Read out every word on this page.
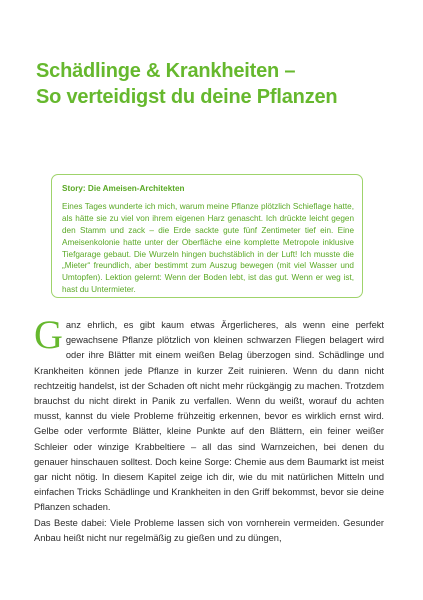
Schädlinge & Krankheiten –
So verteidigst du deine Pflanzen
Story: Die Ameisen-Architekten
Eines Tages wunderte ich mich, warum meine Pflanze plötzlich Schieflage hatte, als hätte sie zu viel von ihrem eigenen Harz genascht. Ich drückte leicht gegen den Stamm und zack – die Erde sackte gute fünf Zentimeter tief ein. Eine Ameisenkolonie hatte unter der Oberfläche eine komplette Metropole inklusive Tiefgarage gebaut. Die Wurzeln hingen buchstäblich in der Luft! Ich musste die „Mieter“ freundlich, aber bestimmt zum Auszug bewegen (mit viel Wasser und Umtopfen). Lektion gelernt: Wenn der Boden lebt, ist das gut. Wenn er weg ist, hast du Untermieter.
Ganz ehrlich, es gibt kaum etwas Ärgerlicheres, als wenn eine perfekt gewachsene Pflanze plötzlich von kleinen schwarzen Fliegen belagert wird oder ihre Blätter mit einem weißen Belag überzogen sind. Schädlinge und Krankheiten können jede Pflanze in kurzer Zeit ruinieren. Wenn du dann nicht rechtzeitig handelst, ist der Schaden oft nicht mehr rückgängig zu machen. Trotzdem brauchst du nicht direkt in Panik zu verfallen. Wenn du weißt, worauf du achten musst, kannst du viele Probleme frühzeitig erkennen, bevor es wirklich ernst wird. Gelbe oder verformte Blätter, kleine Punkte auf den Blättern, ein feiner weißer Schleier oder winzige Krabbeltiere – all das sind Warnzeichen, bei denen du genauer hinschauen solltest. Doch keine Sorge: Chemie aus dem Baumarkt ist meist gar nicht nötig. In diesem Kapitel zeige ich dir, wie du mit natürlichen Mitteln und einfachen Tricks Schädlinge und Krankheiten in den Griff bekommst, bevor sie deine Pflanzen schaden.
Das Beste dabei: Viele Probleme lassen sich von vornherein vermeiden. Gesunder Anbau heißt nicht nur regelmäßig zu gießen und zu düngen,
